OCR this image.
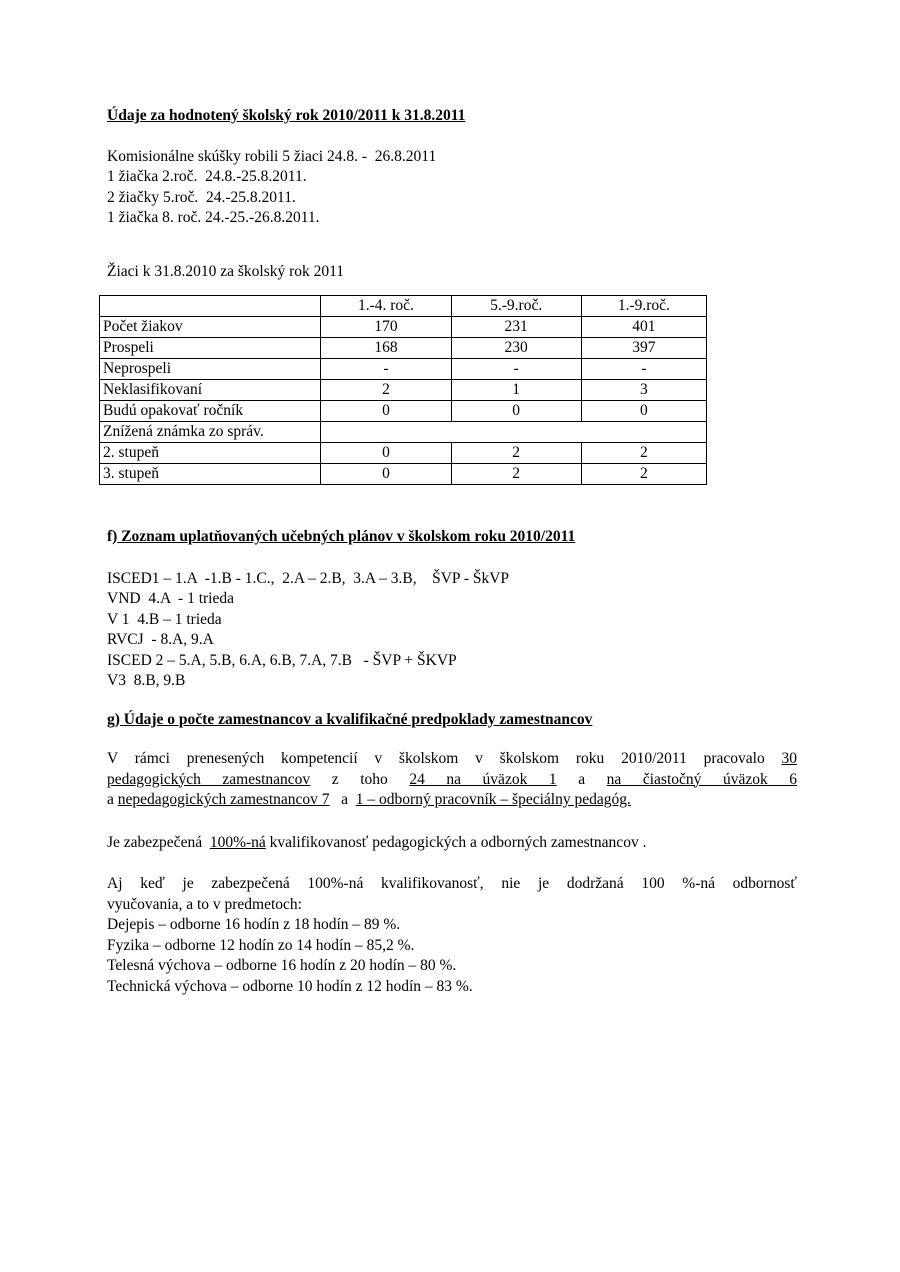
Údaje za hodnotený školský rok 2010/2011 k 31.8.2011
Komisionálne skúšky robili 5 žiaci 24.8. -  26.8.2011
1 žiačka 2.roč.  24.8.-25.8.2011.
2 žiačky 5.roč.  24.-25.8.2011.
1 žiačka 8. roč. 24.-25.-26.8.2011.
Žiaci k 31.8.2010 za školský rok 2011
	1.-4. roč.	5.-9.roč.	1.-9.roč.
Počet žiakov	170	231	401
Prospeli	168	230	397
Neprospeli	-	-	-
Neklasifikovaní	2	1	3
Budú opakovať ročník	0	0	0
Znížená známka zo správ.			
2. stupeň	0	2	2
3. stupeň	0	2	2
f) Zoznam uplatňovaných učebných plánov v školskom roku 2010/2011
ISCED1 – 1.A  -1.B - 1.C.,  2.A – 2.B,  3.A – 3.B,    ŠVP - ŠkVP
VND  4.A  - 1 trieda
V 1  4.B – 1 trieda
RVCJ  - 8.A, 9.A
ISCED 2 – 5.A, 5.B, 6.A, 6.B, 7.A, 7.B   - ŠVP + ŠKVP
V3  8.B, 9.B
g) Údaje o počte zamestnancov a kvalifikačné predpoklady zamestnancov

V rámci prenesených kompetencií v školskom v školskom roku 2010/2011 pracovalo 30

pedagogických zamestnancov z toho 24 na úväzok 1 a na čiastočný úväzok 6

a nepedagogických zamestnancov 7 a 1 – odborný pracovník – špeciálny pedagóg.

Je zabezpečená  100%-ná kvalifikovanosť pedagogických a odborných zamestnancov .

Aj keď je zabezpečená 100%-ná kvalifikovanosť, nie je dodržaná 100 %-ná odbornosť

vyučovania, a to v predmetoch:

Dejepis – odborne 16 hodín z 18 hodín – 89 %.
Fyzika – odborne 12 hodín zo 14 hodín – 85,2 %.
Telesná výchova – odborne 16 hodín z 20 hodín – 80 %.
Technická výchova – odborne 10 hodín z 12 hodín – 83 %.
